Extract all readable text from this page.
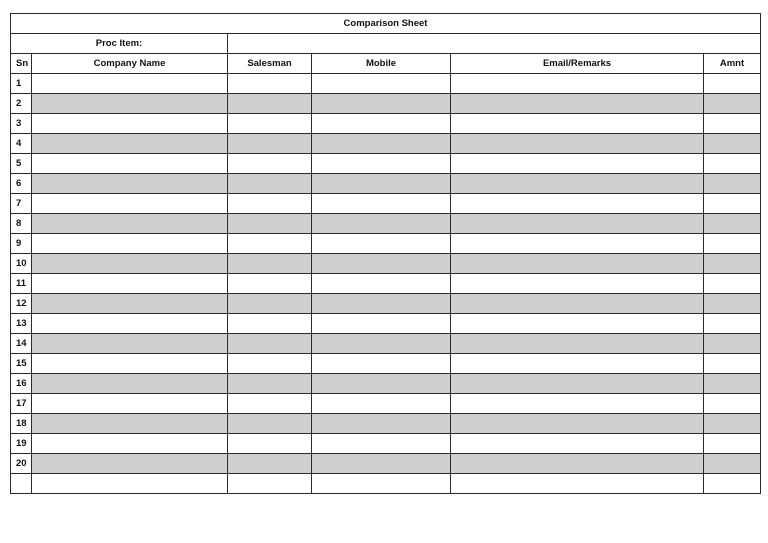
Comparison Sheet					
Proc Item:					
Sn	Company Name	Salesman	Mobile	Email/Remarks	Amnt
1					
2					
3					
4					
5					
6					
7					
8					
9					
10					
11					
12					
13					
14					
15					
16					
17					
18					
19					
20					
